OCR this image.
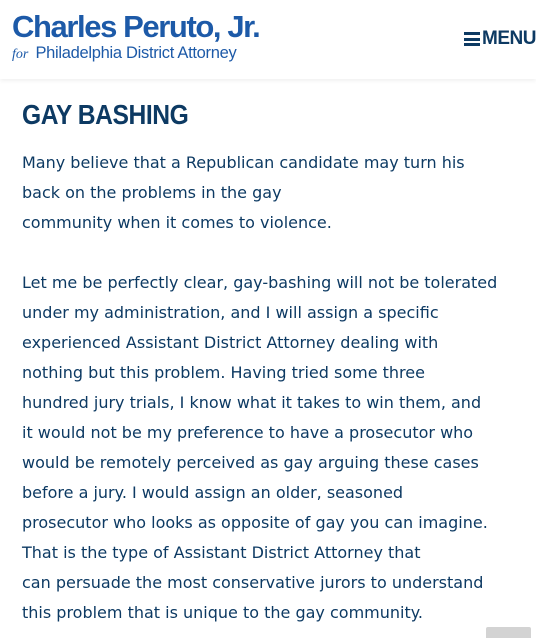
Charles Peruto, Jr.
for Philadelphia District Attorney
MENU
GAY BASHING

Many believe that a Republican candidate may turn his
back on the problems in the gay
community when it comes to violence.

Let me be perfectly clear, gay-bashing will not be tolerated
under my administration, and I will assign a specific
experienced Assistant District Attorney dealing with
nothing but this problem. Having tried some three
hundred jury trials, I know what it takes to win them, and
it would not be my preference to have a prosecutor who
would be remotely perceived as gay arguing these cases
before a jury. I would assign an older, seasoned
prosecutor who looks as opposite of gay you can imagine.
That is the type of Assistant District Attorney that
can persuade the most conservative jurors to understand
this problem that is unique to the gay community.
